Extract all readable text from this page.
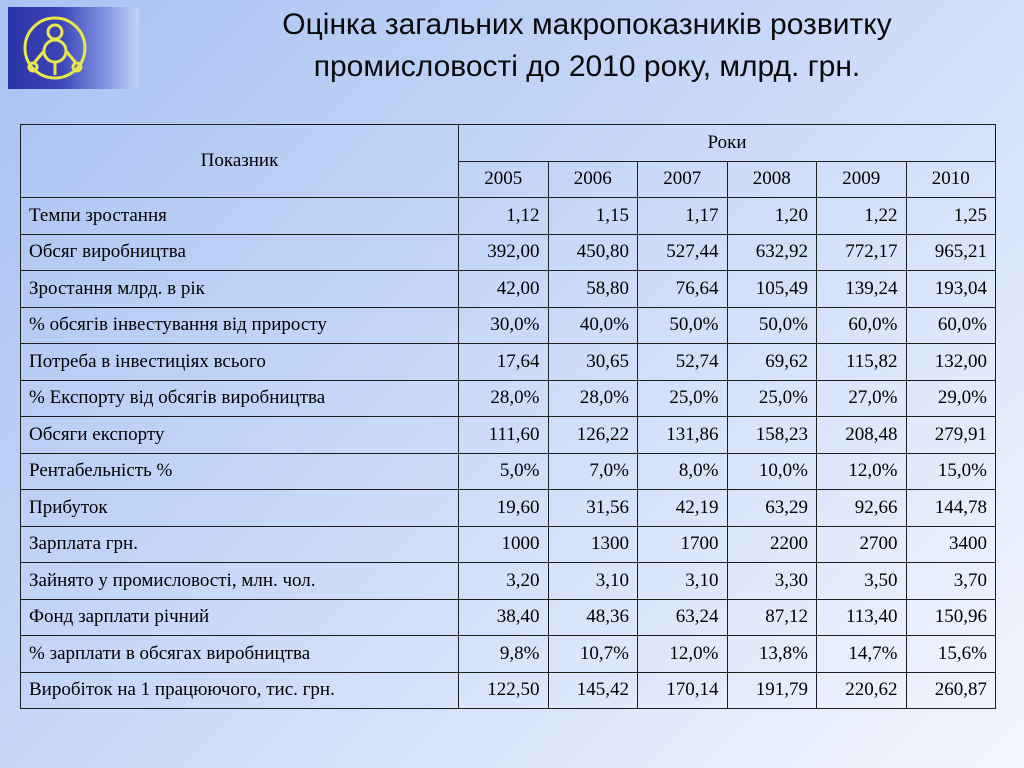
Оцінка загальних макропоказників розвитку
промисловості до 2010 року, млрд. грн.
Показник	Роки					
	2005	2006	2007	2008	2009	2010
Темпи зростання	1,12	1,15	1,17	1,20	1,22	1,25
Обсяг виробництва	392,00	450,80	527,44	632,92	772,17	965,21
Зростання млрд. в рік	42,00	58,80	76,64	105,49	139,24	193,04
% обсягів інвестування від приросту	30,0%	40,0%	50,0%	50,0%	60,0%	60,0%
Потреба в інвестиціях всього	17,64	30,65	52,74	69,62	115,82	132,00
% Експорту від обсягів виробництва	28,0%	28,0%	25,0%	25,0%	27,0%	29,0%
Обсяги експорту	111,60	126,22	131,86	158,23	208,48	279,91
Рентабельність %	5,0%	7,0%	8,0%	10,0%	12,0%	15,0%
Прибуток	19,60	31,56	42,19	63,29	92,66	144,78
Зарплата грн.	1000	1300	1700	2200	2700	3400
Зайнято у промисловості, млн. чол.	3,20	3,10	3,10	3,30	3,50	3,70
Фонд зарплати річний	38,40	48,36	63,24	87,12	113,40	150,96
% зарплати в обсягах виробництва	9,8%	10,7%	12,0%	13,8%	14,7%	15,6%
Виробіток на 1 працюючого, тис. грн.	122,50	145,42	170,14	191,79	220,62	260,87
